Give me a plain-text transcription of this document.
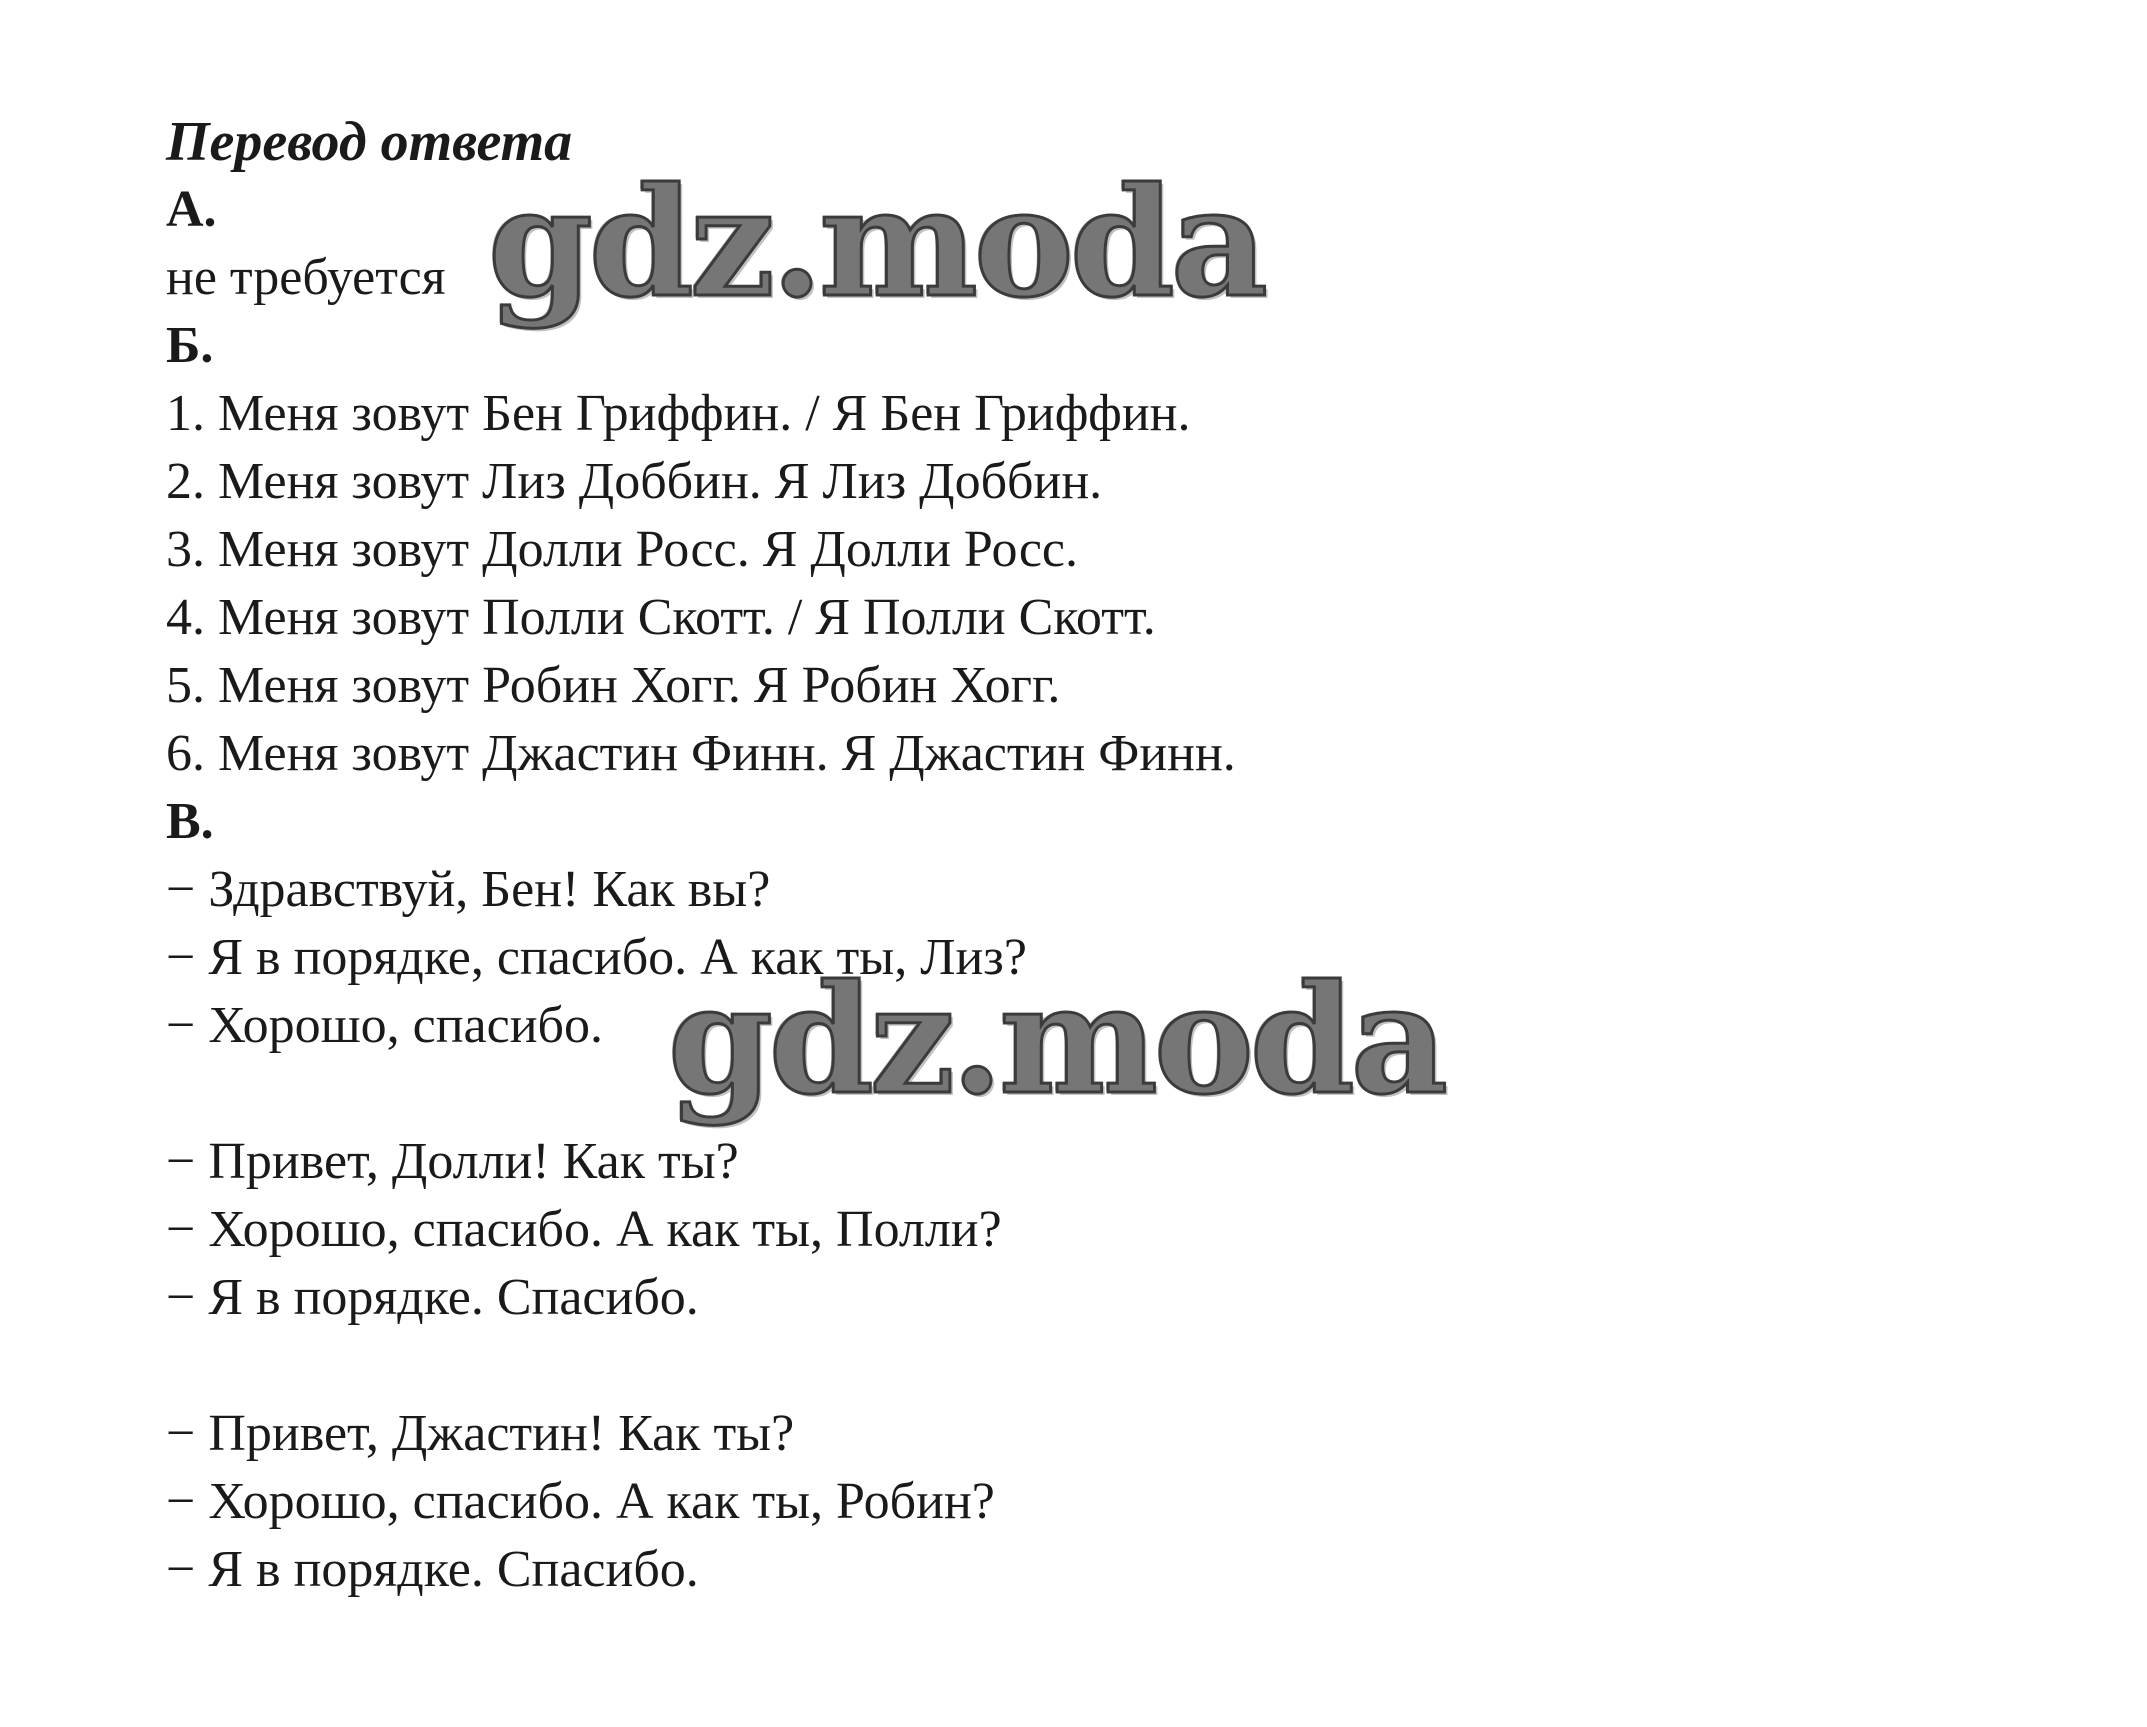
Перевод ответа

А.

не требуется

Б.

1. Меня зовут Бен Гриффин. / Я Бен Гриффин.

2. Меня зовут Лиз Доббин. Я Лиз Доббин.

3. Меня зовут Долли Росс. Я Долли Росс.

4. Меня зовут Полли Скотт. / Я Полли Скотт.

5. Меня зовут Робин Хогг. Я Робин Хогг.

6. Меня зовут Джастин Финн. Я Джастин Финн.

В.

− Здравствуй, Бен! Как вы?

− Я в порядке, спасибо. А как ты, Лиз?

− Хорошо, спасибо.

− Привет, Долли! Как ты?

− Хорошо, спасибо. А как ты, Полли?

− Я в порядке. Спасибо.

− Привет, Джастин! Как ты?

− Хорошо, спасибо. А как ты, Робин?

− Я в порядке. Спасибо.

gdz.moda
gdz.moda
